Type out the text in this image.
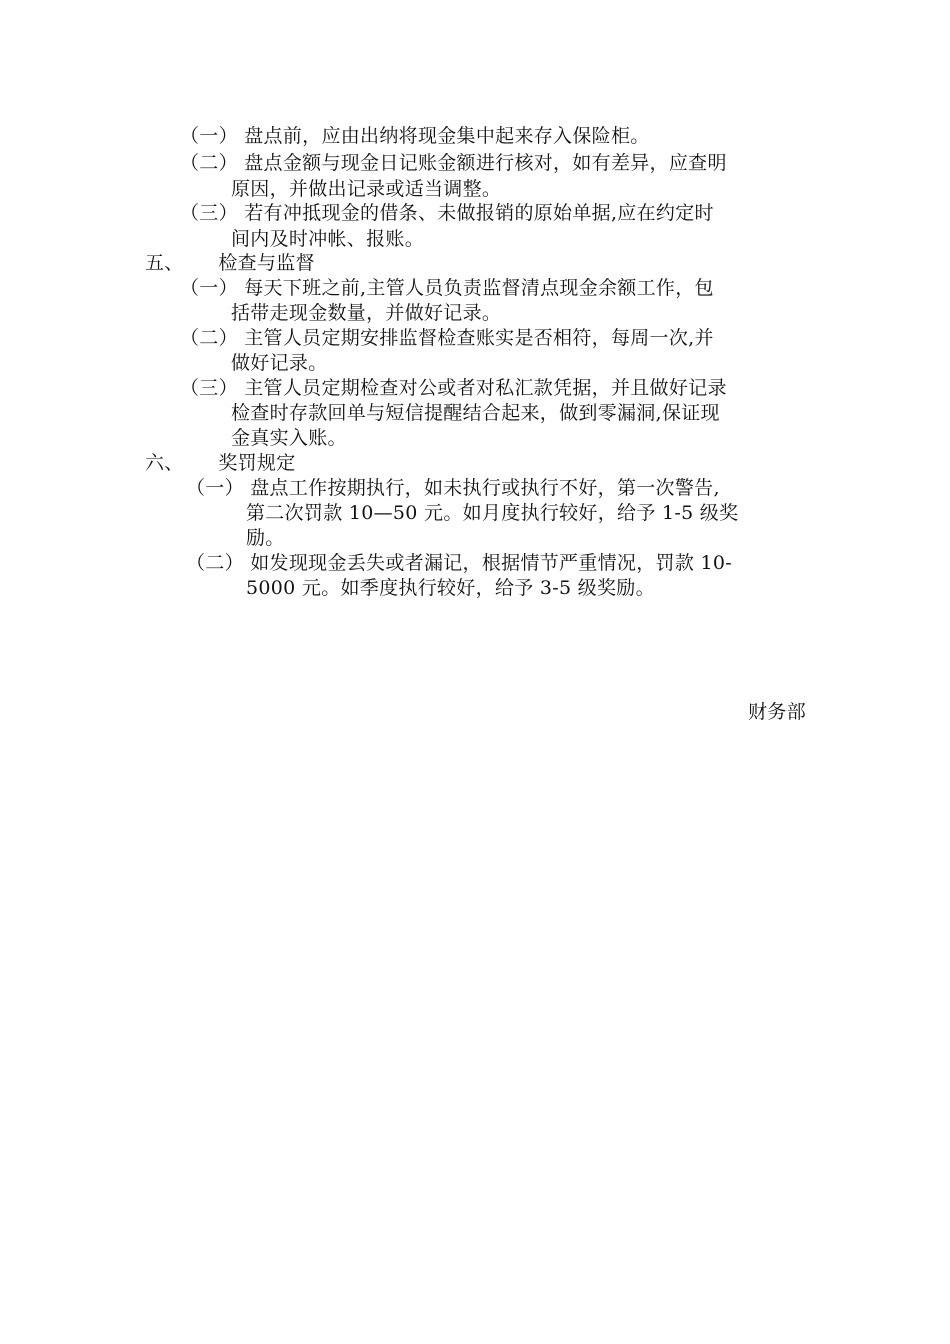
（一） 盘点前，应由出纳将现金集中起来存入保险柜。
（二） 盘点金额与现金日记账金额进行核对，如有差异，应查明
原因，并做出记录或适当调整。
（三） 若有冲抵现金的借条、未做报销的原始单据,应在约定时
间内及时冲帐、报账。
五、 检查与监督
（一） 每天下班之前,主管人员负责监督清点现金余额工作，包
括带走现金数量，并做好记录。
（二） 主管人员定期安排监督检查账实是否相符，每周一次,并
做好记录。
（三） 主管人员定期检查对公或者对私汇款凭据，并且做好记录
检查时存款回单与短信提醒结合起来，做到零漏洞,保证现
金真实入账。
六、 奖罚规定
（一） 盘点工作按期执行，如未执行或执行不好，第一次警告,
第二次罚款 10—50 元。如月度执行较好，给予 1-5 级奖
励。
（二） 如发现现金丢失或者漏记，根据情节严重情况，罚款 10-
5000 元。如季度执行较好，给予 3-5 级奖励。
财务部
